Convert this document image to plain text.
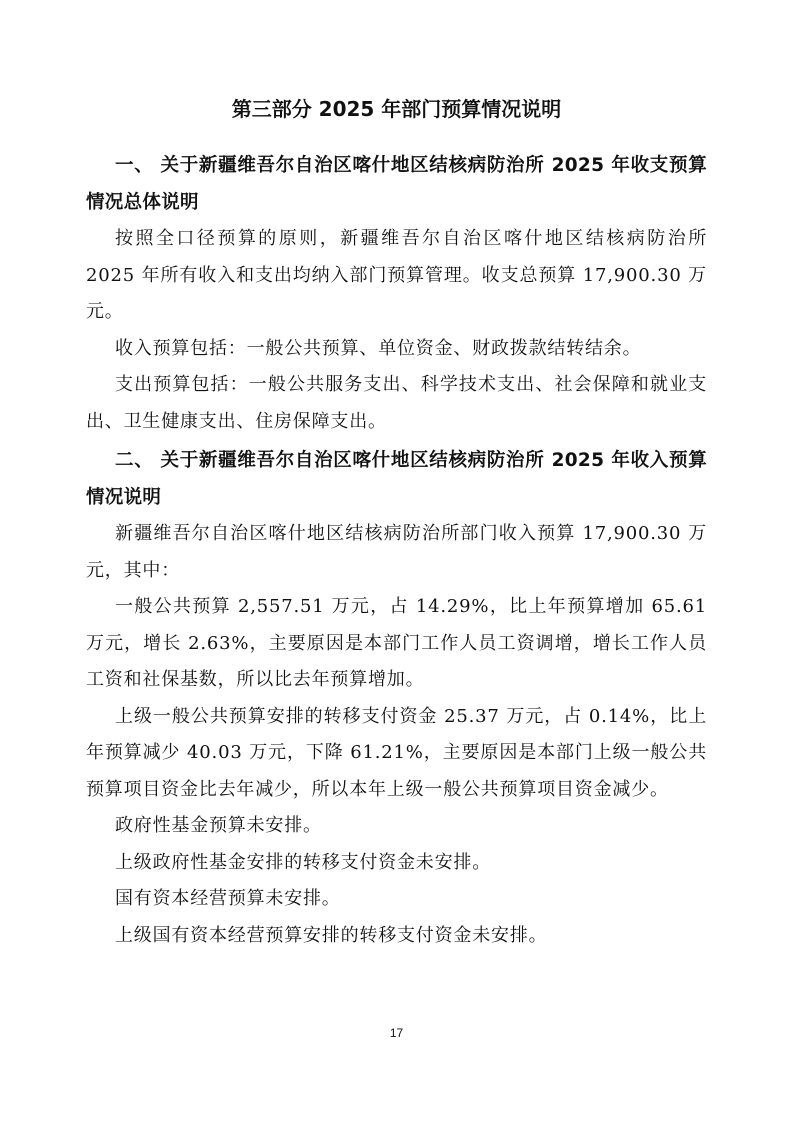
第三部分 2025 年部门预算情况说明
一、 关于新疆维吾尔自治区喀什地区结核病防治所 2025 年收支预算情况总体说明

按照全口径预算的原则，新疆维吾尔自治区喀什地区结核病防治所 2025 年所有收入和支出均纳入部门预算管理。收支总预算 17,900.30 万元。

收入预算包括：一般公共预算、单位资金、财政拨款结转结余。

支出预算包括：一般公共服务支出、科学技术支出、社会保障和就业支出、卫生健康支出、住房保障支出。

二、 关于新疆维吾尔自治区喀什地区结核病防治所 2025 年收入预算情况说明

新疆维吾尔自治区喀什地区结核病防治所部门收入预算 17,900.30 万元，其中：

一般公共预算 2,557.51 万元，占 14.29%，比上年预算增加 65.61 万元，增长 2.63%，主要原因是本部门工作人员工资调增，增长工作人员工资和社保基数，所以比去年预算增加。

上级一般公共预算安排的转移支付资金 25.37 万元，占 0.14%，比上年预算减少 40.03 万元，下降 61.21%，主要原因是本部门上级一般公共预算项目资金比去年减少，所以本年上级一般公共预算项目资金减少。

政府性基金预算未安排。

上级政府性基金安排的转移支付资金未安排。

国有资本经营预算未安排。

上级国有资本经营预算安排的转移支付资金未安排。

17
